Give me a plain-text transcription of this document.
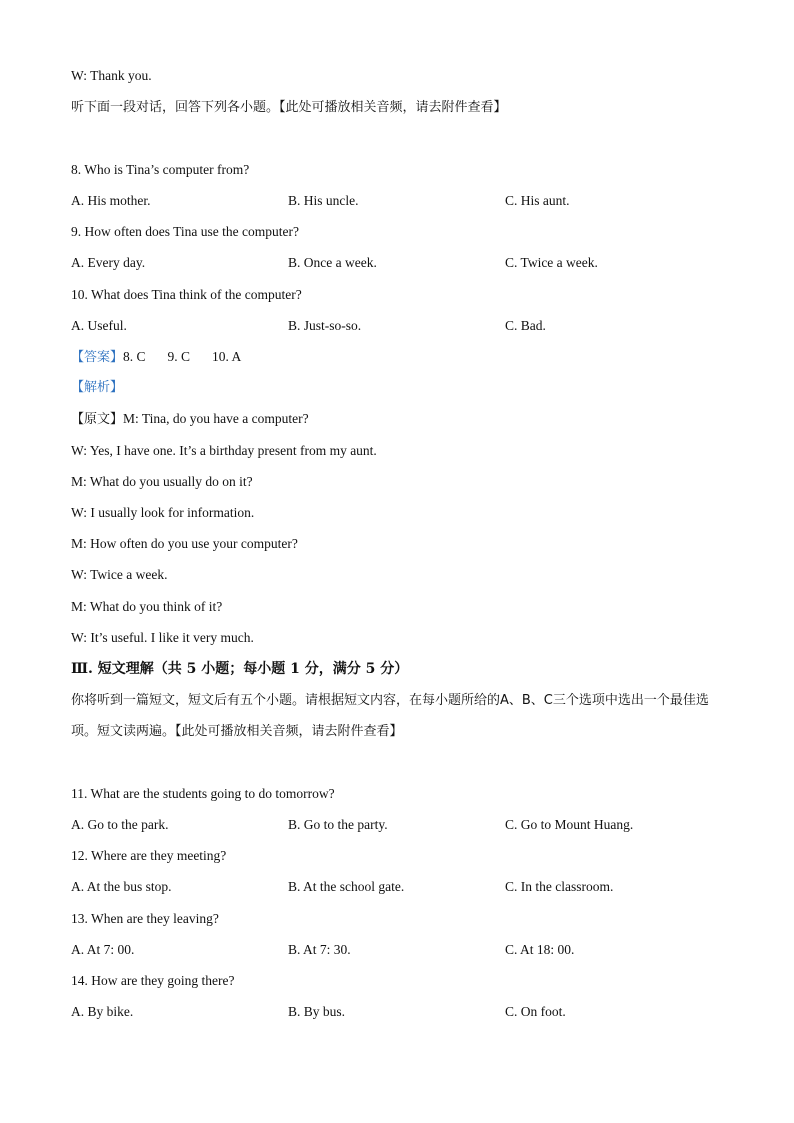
W: Thank you.
听下面一段对话，回答下列各小题。【此处可播放相关音频，请去附件查看】
8. Who is Tina’s computer from?
A. His mother.	B. His uncle.	C. His aunt.
9. How often does Tina use the computer?
A. Every day.	B. Once a week.	C. Twice a week.
10. What does Tina think of the computer?
A. Useful.	B. Just-so-so.	C. Bad.
【答案】8. C 9. C 10. A
【解析】
【原文】M: Tina, do you have a computer?
W: Yes, I have one. It’s a birthday present from my aunt.
M: What do you usually do on it?
W: I usually look for information.
M: How often do you use your computer?
W: Twice a week.
M: What do you think of it?
W: It’s useful. I like it very much.
Ⅲ. 短文理解（共 5 小题；每小题 1 分，满分 5 分）
你将听到一篇短文，短文后有五个小题。请根据短文内容，在每小题所给的A、B、C三个选项中选出一个最佳选项。短文读两遍。【此处可播放相关音频，请去附件查看】
11. What are the students going to do tomorrow?
A. Go to the park.	B. Go to the party.	C. Go to Mount Huang.
12. Where are they meeting?
A. At the bus stop.	B. At the school gate.	C. In the classroom.
13. When are they leaving?
A. At 7: 00.	B. At 7: 30.	C. At 18: 00.
14. How are they going there?
A. By bike.	B. By bus.	C. On foot.
